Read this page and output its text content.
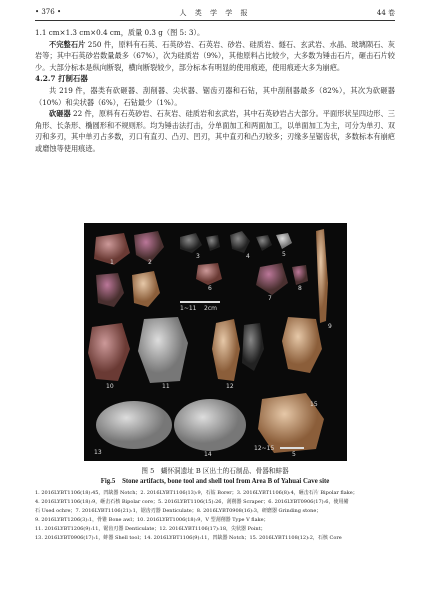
• 376 •	人 类 学 学 报	44 卷

1.1 cm×1.3 cm×0.4 cm，质量 0.3 g（图 5: 3）。

不完整石片 250 件，原料有石英、石英砂岩、石英岩、砂岩、硅质岩、燧石、玄武岩、水晶、玻璃陨石、灰岩等；其中石英砂岩数量最多（67%），次为硅质岩（9%），其他原料占比较少，大多数为锤击石片，砸击石片较少。大部分标本是纵向断裂，横向断裂较少，部分标本有明显的使用痕迹，使用痕迹大多为崩疤。

4.2.7 打制石器

共 219 件，器类有砍砸器、刮削器、尖状器、锯齿刃器和石钻，其中刮削器最多（82%），其次为砍砸器（10%）和尖状器（6%），石钻最少（1%）。

砍砸器 22 件，原料有石英砂岩、石灰岩、硅质岩和玄武岩，其中石英砂岩占大部分。平面形状呈四边形、三角形、长条形、椭圆形和不规则形。均为锤击法打击，分单面加工和两面加工，以单面加工为主，可分为单刃、双刃和多刃，其中单刃占多数，刃口有直刃、凸刃、凹刃，其中直刃和凸刃较多；刃缘多呈锯齿状，多数标本有崩疤或磨蚀等使用痕迹。

1	2
3	4	5
6
7
8
9
10	11	12
13	14
15
1~11 2cm
12~15
5
图 5　蝴怀洞遗址 B 区出土的石制品、骨器和蚌器
Fig.5　Stone artifacts, bone tool and shell tool from Area B of Yahuai Cave site
1. 2016LYBT1106(18):45，凹缺器 Notch；2. 2016LYBT1106(13):9，石钻 Borer；3. 2016LYBT1106(8):4，砸击石片 Bipolar flake；
4. 2016LYBT1106(18):9，砸击石核 Bipolar core；5. 2016LYBT1106(15):26，刮削器 Scraper；6. 2016LYBT0906(17):6，使用赭
石 Used ochre；7. 2016LYBT1106(21):1，锯齿刃器 Denticulate；8. 2016LYBT0908(16):3，研磨器 Grinding stone；
9. 2016LYBT1206(3):1，骨锥 Bone awl；10. 2016LYBT1006(18):9，V 型刮削器 Type V flake；
11. 2016LYBT1206(9):11，锯齿刃器 Denticulate；12. 2016LYBT1106(17):18，尖状器 Point；
13. 2016LYBT0906(17):1，蚌器 Shell tool；14. 2016LYBT1106(9):11，凹缺器 Notch；15. 2016LYBT1108(12):2，石核 Core
